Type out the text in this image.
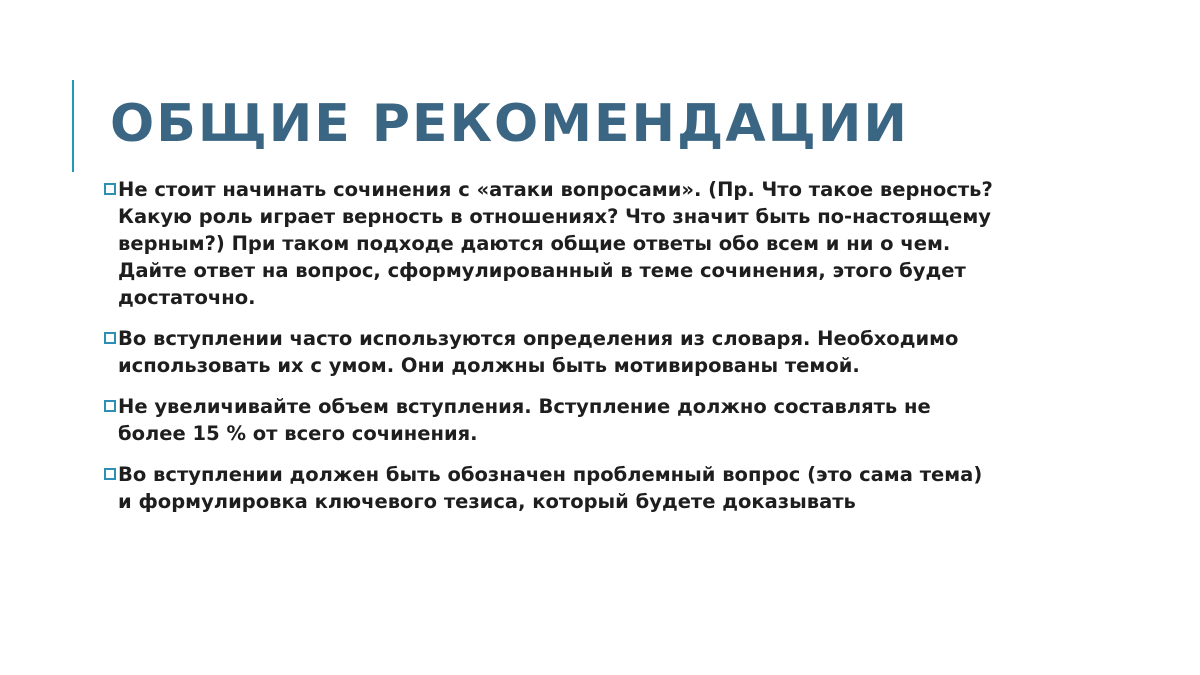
ОБЩИЕ РЕКОМЕНДАЦИИ
Не стоит начинать сочинения с «атаки вопросами». (Пр. Что такое верность?
Какую роль играет верность в отношениях? Что значит быть по-настоящему
верным?) При таком подходе даются общие ответы обо всем и ни о чем.
Дайте ответ на вопрос, сформулированный в теме сочинения, этого будет
достаточно.
Во вступлении часто используются определения из словаря. Необходимо
использовать их с умом. Они должны быть мотивированы темой.
Не увеличивайте объем вступления. Вступление должно составлять не
более 15 % от всего сочинения.
Во вступлении должен быть обозначен проблемный вопрос (это сама тема)
и формулировка ключевого тезиса, который будете доказывать
